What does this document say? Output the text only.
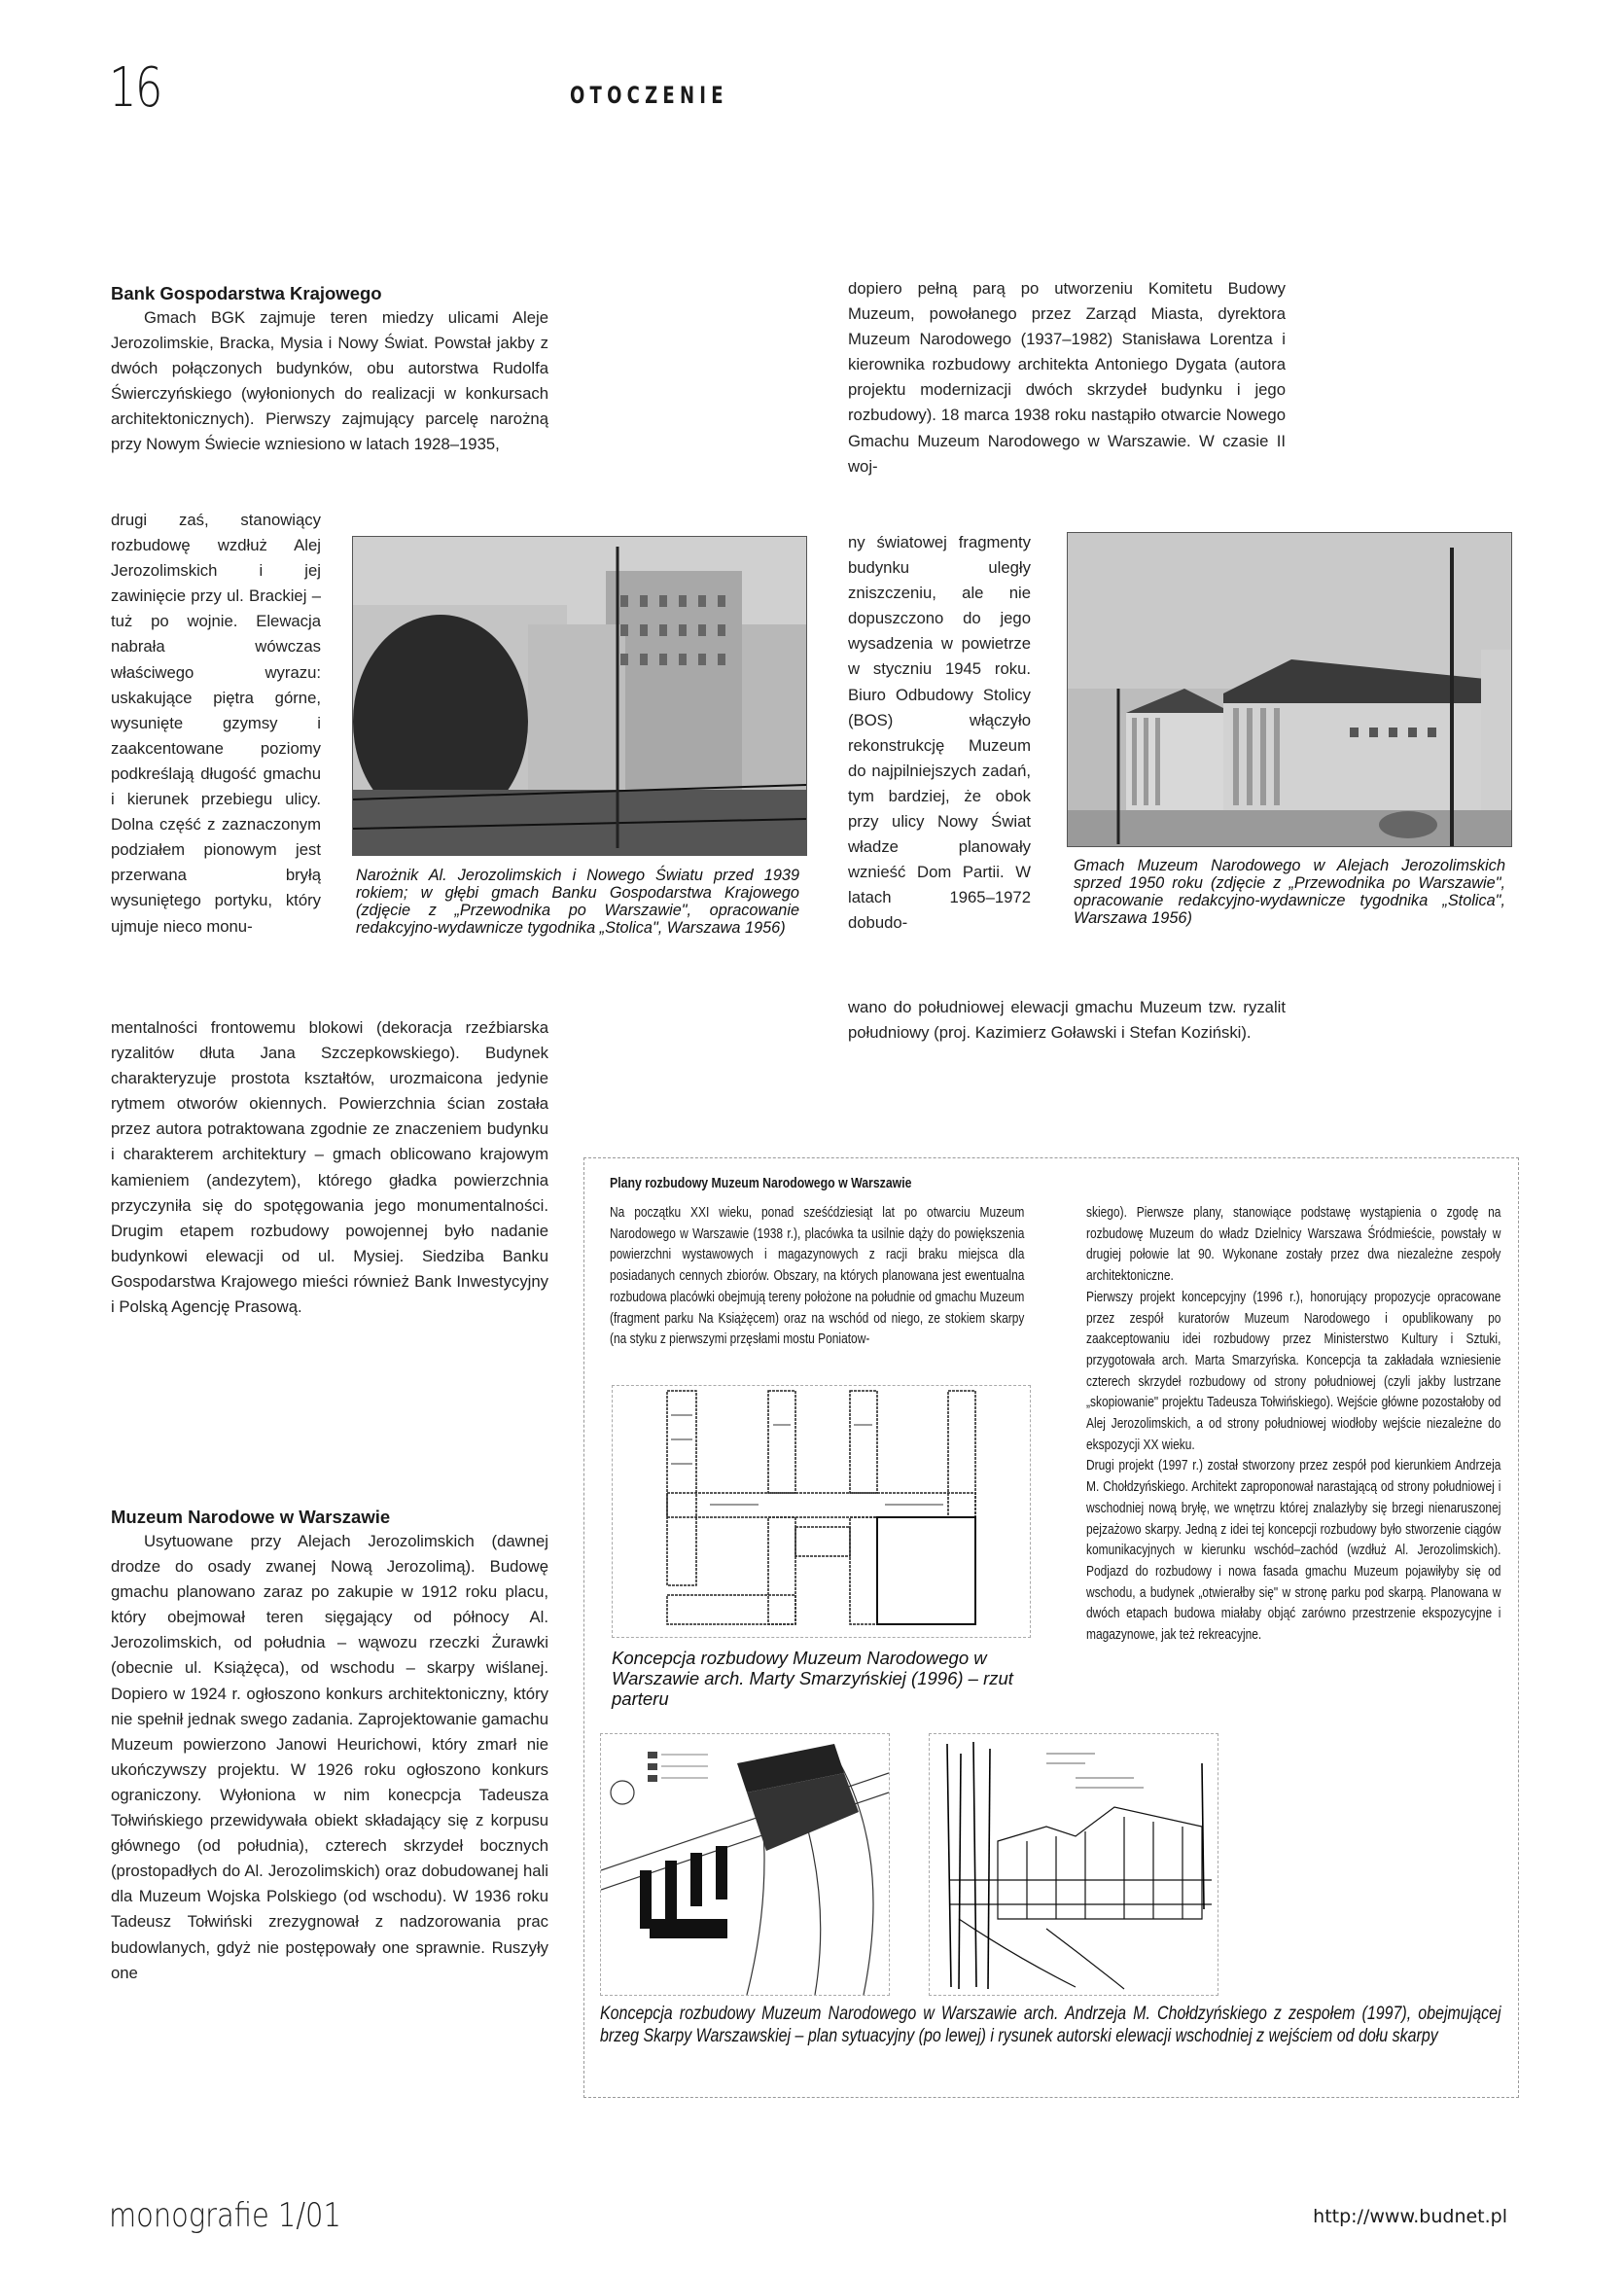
16	OTOCZENIE
Bank Gospodarstwa Krajowego

Gmach BGK zajmuje teren miedzy ulicami Aleje Jerozolimskie, Bracka, Mysia i Nowy Świat. Powstał jakby z dwóch połączonych budynków, obu autorstwa Rudolfa Świerczyńskiego (wyłonionych do realizacji w konkursach architektonicznych). Pierwszy zajmujący parcelę narożną przy Nowym Świecie wzniesiono w latach 1928–1935,

drugi zaś, stanowiący rozbudowę wzdłuż Alej Jerozolimskich i jej zawinięcie przy ul. Brackiej – tuż po wojnie. Elewacja nabrała wówczas właściwego wyrazu: uskakujące piętra górne, wysunięte gzymsy i zaakcentowane poziomy podkreślają długość gmachu i kierunek przebiegu ulicy. Dolna część z zaznaczonym podziałem pionowym jest przerwana bryłą wysuniętego portyku, który ujmuje nieco monu-
mentalności frontowemu blokowi (dekoracja rzeźbiarska ryzalitów dłuta Jana Szczepkowskiego). Budynek charakteryzuje prostota kształtów, urozmaicona jedynie rytmem otworów okiennych. Powierzchnia ścian została przez autora potraktowana zgodnie ze znaczeniem budynku i charakterem architektury – gmach oblicowano krajowym kamieniem (andezytem), którego gładka powierzchnia przyczyniła się do spotęgowania jego monumentalności. Drugim etapem rozbudowy powojennej było nadanie budynkowi elewacji od ul. Mysiej. Siedziba Banku Gospodarstwa Krajowego mieści również Bank Inwestycyjny i Polską Agencję Prasową.
Narożnik Al. Jerozolimskich i Nowego Światu przed 1939 rokiem; w głębi gmach Banku Gospodarstwa Krajowego (zdjęcie z „Przewodnika po Warszawie", opracowanie redakcyjno-wydawnicze tygodnika „Stolica", Warszawa 1956)
Muzeum Narodowe w Warszawie

Usytuowane przy Alejach Jerozolimskich (dawnej drodze do osady zwanej Nową Jerozolimą). Budowę gmachu planowano zaraz po zakupie w 1912 roku placu, który obejmował teren sięgający od północy Al. Jerozolimskich, od południa – wąwozu rzeczki Żurawki (obecnie ul. Książęca), od wschodu – skarpy wiślanej. Dopiero w 1924 r. ogłoszono konkurs architektoniczny, który nie spełnił jednak swego zadania. Zaprojektowanie gamachu Muzeum powierzono Janowi Heurichowi, który zmarł nie ukończywszy projektu. W 1926 roku ogłoszono konkurs ograniczony. Wyłoniona w nim konecpcja Tadeusza Tołwińskiego przewidywała obiekt składający się z korpusu głównego (od południa), czterech skrzydeł bocznych (prostopadłych do Al. Jerozolimskich) oraz dobudowanej hali dla Muzeum Wojska Polskiego (od wschodu). W 1936 roku Tadeusz Tołwiński zrezygnował z nadzorowania prac budowlanych, gdyż nie postępowały one sprawnie. Ruszyły one

dopiero pełną parą po utworzeniu Komitetu Budowy Muzeum, powołanego przez Zarząd Miasta, dyrektora Muzeum Narodowego (1937–1982) Stanisława Lorentza i kierownika rozbudowy architekta Antoniego Dygata (autora projektu modernizacji dwóch skrzydeł budynku i jego rozbudowy). 18 marca 1938 roku nastąpiło otwarcie Nowego Gmachu Muzeum Narodowego w Warszawie. W czasie II woj-
ny światowej fragmenty budynku uległy zniszczeniu, ale nie dopuszczono do jego wysadzenia w powietrze w styczniu 1945 roku. Biuro Odbudowy Stolicy (BOS) włączyło rekonstrukcję Muzeum do najpilniejszych zadań, tym bardziej, że obok przy ulicy Nowy Świat władze planowały wznieść Dom Partii. W latach 1965–1972 dobudo-
wano do południowej elewacji gmachu Muzeum tzw. ryzalit południowy (proj. Kazimierz Goławski i Stefan Koziński).
Gmach Muzeum Narodowego w Alejach Jerozolimskich sprzed 1950 roku (zdjęcie z „Przewodnika po Warszawie", opracowanie redakcyjno-wydawnicze tygodnika „Stolica", Warszawa 1956)
Plany rozbudowy Muzeum Narodowego w Warszawie
Na początku XXI wieku, ponad sześćdziesiąt lat po otwarciu Muzeum Narodowego w Warszawie (1938 r.), placówka ta usilnie dąży do powiększenia powierzchni wystawowych i magazynowych z racji braku miejsca dla posiadanych cennych zbiorów. Obszary, na których planowana jest ewentualna rozbudowa placówki obejmują tereny położone na południe od gmachu Muzeum (fragment parku Na Książęcem) oraz na wschód od niego, ze stokiem skarpy (na styku z pierwszymi przęsłami mostu Poniatow-
Koncepcja rozbudowy Muzeum Narodowego w Warszawie arch. Marty Smarzyńskiej (1996) – rzut parteru
skiego). Pierwsze plany, stanowiące podstawę wystąpienia o zgodę na rozbudowę Muzeum do władz Dzielnicy Warszawa Śródmieście, powstały w drugiej połowie lat 90. Wykonane zostały przez dwa niezależne zespoły architektoniczne.
Pierwszy projekt koncepcyjny (1996 r.), honorujący propozycje opracowane przez zespół kuratorów Muzeum Narodowego i opublikowany po zaakceptowaniu idei rozbudowy przez Ministerstwo Kultury i Sztuki, przygotowała arch. Marta Smarzyńska. Koncepcja ta zakładała wzniesienie czterech skrzydeł rozbudowy od strony południowej (czyli jakby lustrzane „skopiowanie" projektu Tadeusza Tołwińskiego). Wejście główne pozostałoby od Alej Jerozolimskich, a od strony południowej wiodłoby wejście niezależne do ekspozycji XX wieku.
Drugi projekt (1997 r.) został stworzony przez zespół pod kierunkiem Andrzeja M. Chołdzyńskiego. Architekt zaproponował narastającą od strony południowej i wschodniej nową bryłę, we wnętrzu której znalazłyby się brzegi nienaruszonej pejzażowo skarpy. Jedną z idei tej koncepcji rozbudowy było stworzenie ciągów komunikacyjnych w kierunku wschód–zachód (wzdłuż Al. Jerozolimskich). Podjazd do rozbudowy i nowa fasada gmachu Muzeum pojawiłyby się od wschodu, a budynek „otwierałby się" w stronę parku pod skarpą. Planowana w dwóch etapach budowa miałaby objąć zarówno przestrzenie ekspozycyjne i magazynowe, jak też rekreacyjne.
Koncepcja rozbudowy Muzeum Narodowego w Warszawie arch. Andrzeja M. Chołdzyńskiego z zespołem (1997), obejmującej brzeg Skarpy Warszawskiej – plan sytuacyjny (po lewej) i rysunek autorski elewacji wschodniej z wejściem od dołu skarpy
monografie 1/01	http://www.budnet.pl
